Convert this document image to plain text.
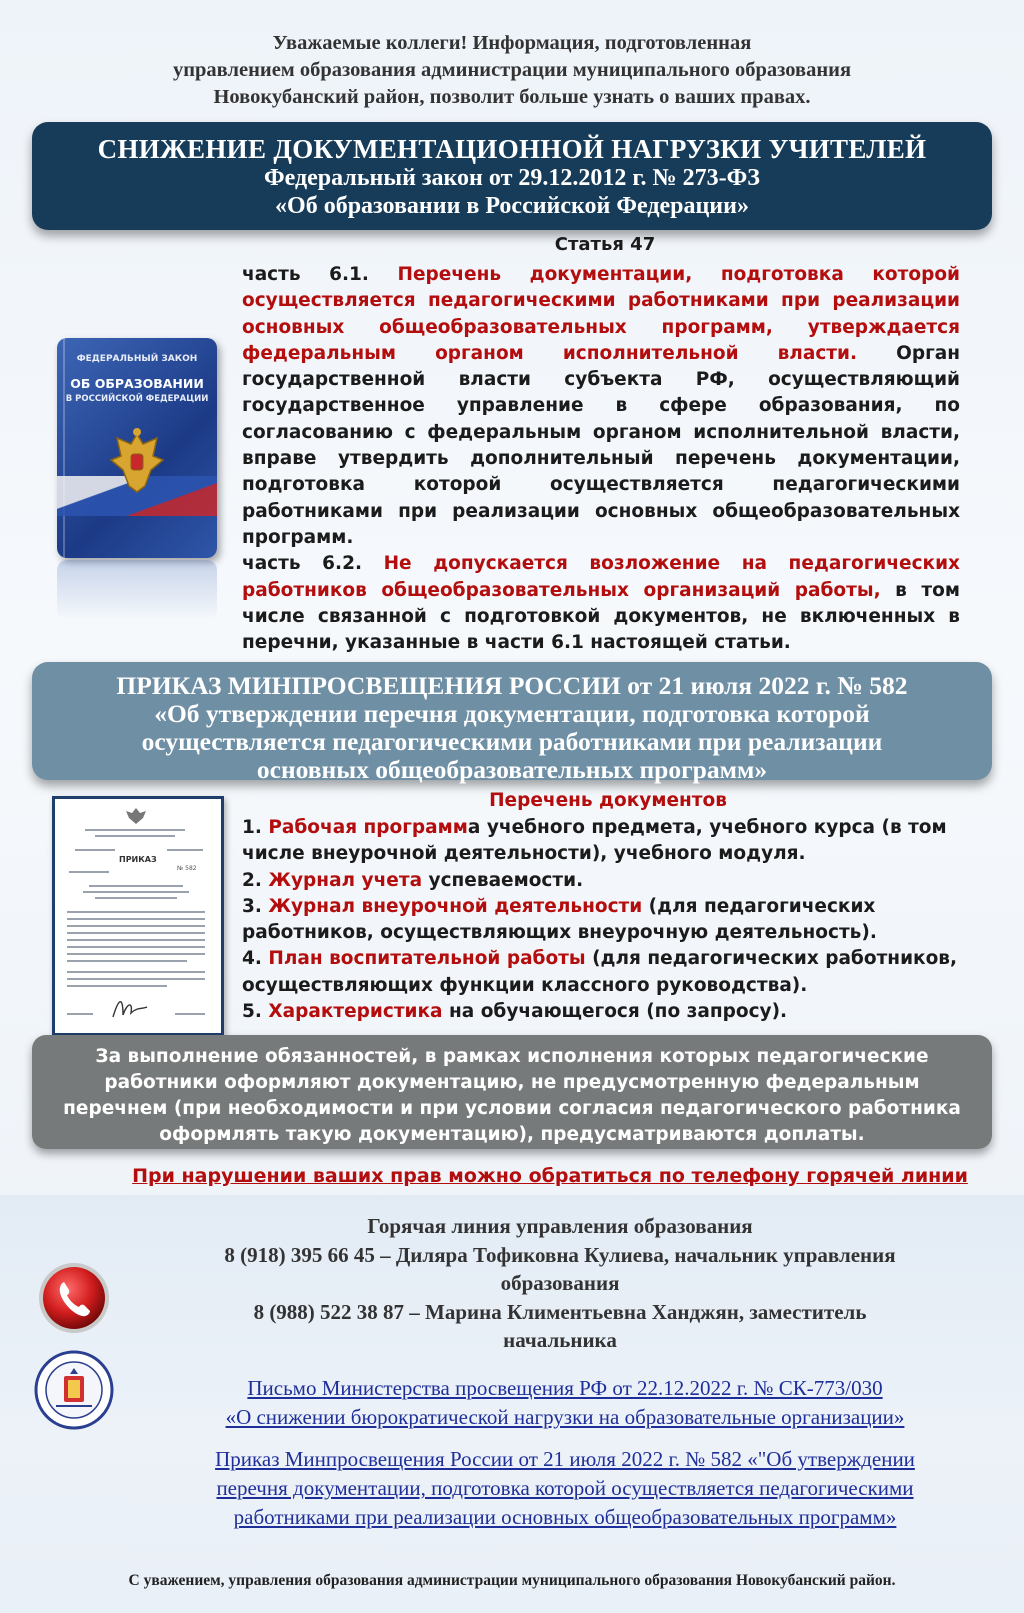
Уважаемые коллеги! Информация, подготовленная
управлением образования администрации муниципального образования
Новокубанский район, позволит больше узнать о ваших правах.
СНИЖЕНИЕ ДОКУМЕНТАЦИОННОЙ НАГРУЗКИ УЧИТЕЛЕЙ
Федеральный закон от 29.12.2012 г. № 273-ФЗ
«Об образовании в Российской Федерации»
ФЕДЕРАЛЬНЫЙ ЗАКОН
ОБ ОБРАЗОВАНИИ
В РОССИЙСКОЙ ФЕДЕРАЦИИ
Статья 47
часть 6.1. Перечень документации, подготовка которой осуществляется педагогическими работниками при реализации основных общеобразовательных программ, утверждается федеральным органом исполнительной власти. Орган государственной власти субъекта РФ, осуществляющий государственное управление в сфере образования, по согласованию с федеральным органом исполнительной власти, вправе утвердить дополнительный перечень документации, подготовка которой осуществляется педагогическими работниками при реализации основных общеобразовательных программ.
часть 6.2. Не допускается возложение на педагогических работников общеобразовательных организаций работы, в том числе связанной с подготовкой документов, не включенных в перечни, указанные в части 6.1 настоящей статьи.
ПРИКАЗ МИНПРОСВЕЩЕНИЯ РОССИИ от 21 июля 2022 г. № 582
«Об утверждении перечня документации, подготовка которой
осуществляется педагогическими работниками при реализации
основных общеобразовательных программ»
ПРИКАЗ
№ 582
Перечень документов
1. Рабочая программа учебного предмета, учебного курса (в том числе внеурочной деятельности), учебного модуля.
2. Журнал учета успеваемости.
3. Журнал внеурочной деятельности (для педагогических работников, осуществляющих внеурочную деятельность).
4. План воспитательной работы (для педагогических работников, осуществляющих функции классного руководства).
5. Характеристика на обучающегося (по запросу).
За выполнение обязанностей, в рамках исполнения которых педагогические
работники оформляют документацию, не предусмотренную федеральным
перечнем (при необходимости и при условии согласия педагогического работника
оформлять такую документацию), предусматриваются доплаты.
При нарушении ваших прав можно обратиться по телефону горячей линии
Горячая линия управления образования
8 (918) 395 66 45 – Диляра Тофиковна Кулиева, начальник управления
образования
8 (988) 522 38 87 – Марина Климентьевна Ханджян, заместитель
начальника
Письмо Министерства просвещения РФ от 22.12.2022 г. № СК-773/030
«О снижении бюрократической нагрузки на образовательные организации»
Приказ Минпросвещения России от 21 июля 2022 г. № 582 «"Об утверждении
перечня документации, подготовка которой осуществляется педагогическими
работниками при реализации основных общеобразовательных программ»
С уважением, управления образования администрации муниципального образования Новокубанский район.
